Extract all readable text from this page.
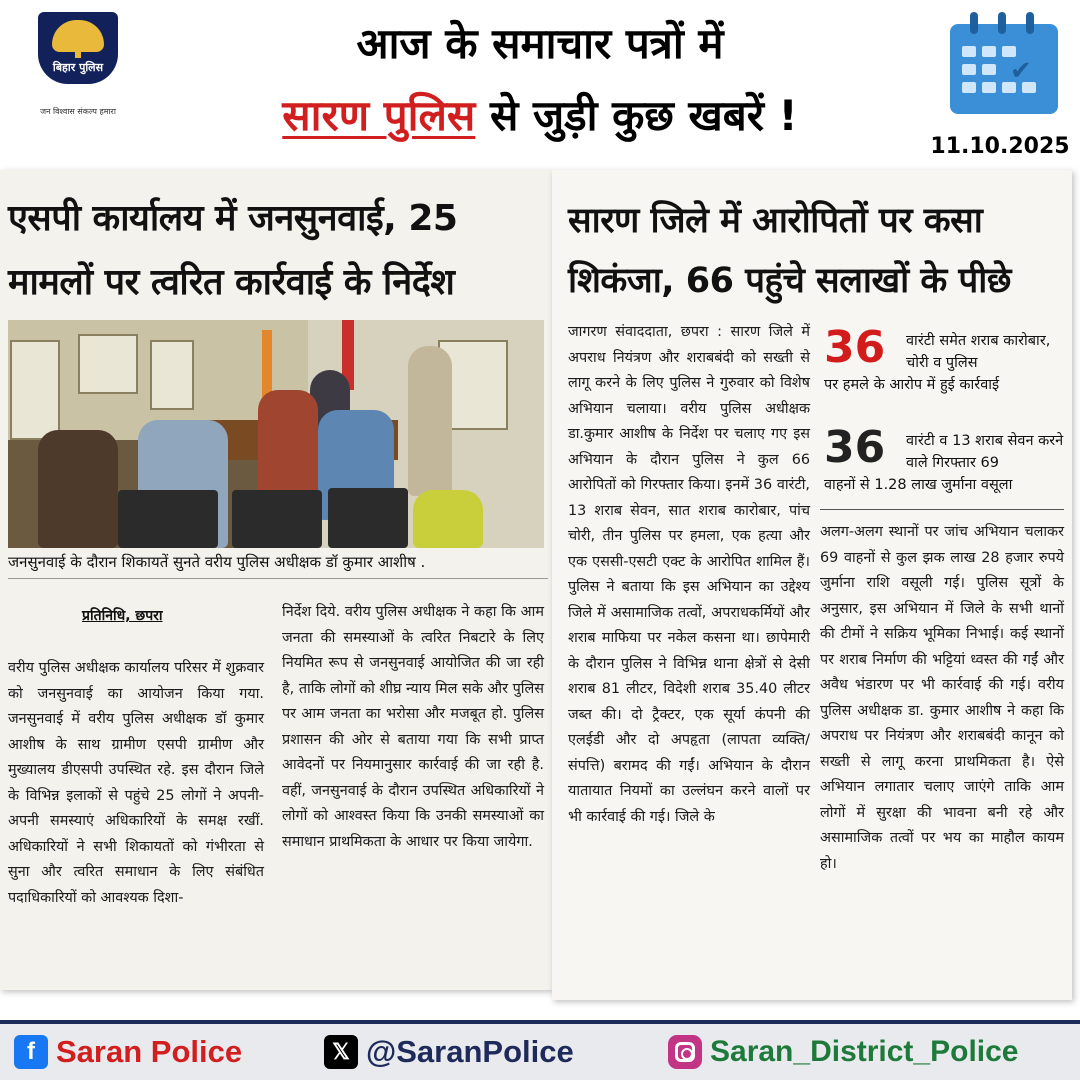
बिहार पुलिस
जन विश्वास संकल्प हमारा
आज के समाचार पत्रों में
सारण पुलिस से जुड़ी कुछ खबरें !
✔
11.10.2025
एसपी कार्यालय में जनसुनवाई, 25
मामलों पर त्वरित कार्रवाई के निर्देश
जनसुनवाई के दौरान शिकायतें सुनते वरीय पुलिस अधीक्षक डॉ कुमार आशीष .
प्रतिनिधि, छपरा
वरीय पुलिस अधीक्षक कार्यालय परिसर में शुक्रवार को जनसुनवाई का आयोजन किया गया. जनसुनवाई में वरीय पुलिस अधीक्षक डॉ कुमार आशीष के साथ ग्रामीण एसपी ग्रामीण और मुख्यालय डीएसपी उपस्थित रहे. इस दौरान जिले के विभिन्न इलाकों से पहुंचे 25 लोगों ने अपनी-अपनी समस्याएं अधिकारियों के समक्ष रखीं. अधिकारियों ने सभी शिकायतों को गंभीरता से सुना और त्वरित समाधान के लिए संबंधित पदाधिकारियों को आवश्यक दिशा-
निर्देश दिये. वरीय पुलिस अधीक्षक ने कहा कि आम जनता की समस्याओं के त्वरित निबटारे के लिए नियमित रूप से जनसुनवाई आयोजित की जा रही है, ताकि लोगों को शीघ्र न्याय मिल सके और पुलिस पर आम जनता का भरोसा और मजबूत हो. पुलिस प्रशासन की ओर से बताया गया कि सभी प्राप्त आवेदनों पर नियमानुसार कार्रवाई की जा रही है. वहीं, जनसुनवाई के दौरान उपस्थित अधिकारियों ने लोगों को आश्वस्त किया कि उनकी समस्याओं का समाधान प्राथमिकता के आधार पर किया जायेगा.
सारण जिले में आरोपितों पर कसा
शिकंजा, 66 पहुंचे सलाखों के पीछे
जागरण संवाददाता, छपरा : सारण जिले में अपराध नियंत्रण और शराबबंदी को सख्ती से लागू करने के लिए पुलिस ने गुरुवार को विशेष अभियान चलाया। वरीय पुलिस अधीक्षक डा.कुमार आशीष के निर्देश पर चलाए गए इस अभियान के दौरान पुलिस ने कुल 66 आरोपितों को गिरफ्तार किया। इनमें 36 वारंटी, 13 शराब सेवन, सात शराब कारोबार, पांच चोरी, तीन पुलिस पर हमला, एक हत्या और एक एससी-एसटी एक्ट के आरोपित शामिल हैं। पुलिस ने बताया कि इस अभियान का उद्देश्य जिले में असामाजिक तत्वों, अपराधकर्मियों और शराब माफिया पर नकेल कसना था। छापेमारी के दौरान पुलिस ने विभिन्न थाना क्षेत्रों से देसी शराब 81 लीटर, विदेशी शराब 35.40 लीटर जब्त की। दो ट्रैक्टर, एक सूर्या कंपनी की एलईडी और दो अपहृता (लापता व्यक्ति/ संपत्ति) बरामद की गईं। अभियान के दौरान यातायात नियमों का उल्लंघन करने वालों पर भी कार्रवाई की गई। जिले के
36 वारंटी समेत शराब कारोबार, चोरी व पुलिस
पर हमले के आरोप में हुई कार्रवाई
36 वारंटी व 13 शराब सेवन करने वाले गिरफ्तार 69
वाहनों से 1.28 लाख जुर्माना वसूला
अलग-अलग स्थानों पर जांच अभियान चलाकर 69 वाहनों से कुल झक लाख 28 हजार रुपये जुर्माना राशि वसूली गई। पुलिस सूत्रों के अनुसार, इस अभियान में जिले के सभी थानों की टीमों ने सक्रिय भूमिका निभाई। कई स्थानों पर शराब निर्माण की भट्टियां ध्वस्त की गईं और अवैध भंडारण पर भी कार्रवाई की गई। वरीय पुलिस अधीक्षक डा. कुमार आशीष ने कहा कि अपराध पर नियंत्रण और शराबबंदी कानून को सख्ती से लागू करना प्राथमिकता है। ऐसे अभियान लगातार चलाए जाएंगे ताकि आम लोगों में सुरक्षा की भावना बनी रहे और असामाजिक तत्वों पर भय का माहौल कायम हो।
f Saran Police	𝕏 @SaranPolice	Saran_District_Police
